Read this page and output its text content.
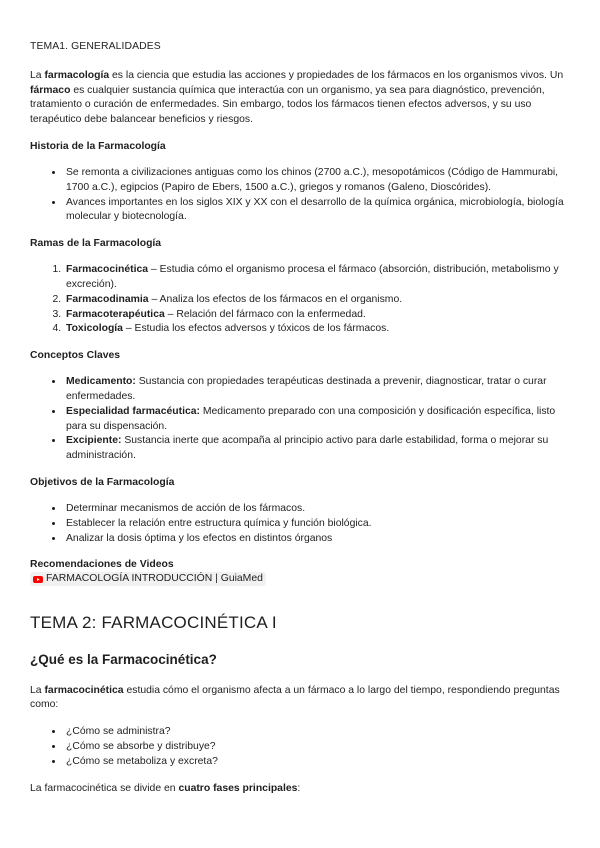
TEMA1. GENERALIDADES

La farmacología es la ciencia que estudia las acciones y propiedades de los fármacos en los organismos vivos. Un fármaco es cualquier sustancia química que interactúa con un organismo, ya sea para diagnóstico, prevención, tratamiento o curación de enfermedades. Sin embargo, todos los fármacos tienen efectos adversos, y su uso terapéutico debe balancear beneficios y riesgos.

Historia de la Farmacología
• Se remonta a civilizaciones antiguas como los chinos (2700 a.C.), mesopotámicos (Código de Hammurabi, 1700 a.C.), egipcios (Papiro de Ebers, 1500 a.C.), griegos y romanos (Galeno, Dioscórides).
• Avances importantes en los siglos XIX y XX con el desarrollo de la química orgánica, microbiología, biología molecular y biotecnología.
Ramas de la Farmacología
1. Farmacocinética – Estudia cómo el organismo procesa el fármaco (absorción, distribución, metabolismo y excreción).
2. Farmacodinamia – Analiza los efectos de los fármacos en el organismo.
3. Farmacoterapéutica – Relación del fármaco con la enfermedad.
4. Toxicología – Estudia los efectos adversos y tóxicos de los fármacos.
Conceptos Claves
• Medicamento: Sustancia con propiedades terapéuticas destinada a prevenir, diagnosticar, tratar o curar enfermedades.
• Especialidad farmacéutica: Medicamento preparado con una composición y dosificación específica, listo para su dispensación.
• Excipiente: Sustancia inerte que acompaña al principio activo para darle estabilidad, forma o mejorar su administración.
Objetivos de la Farmacología
• Determinar mecanismos de acción de los fármacos.
• Establecer la relación entre estructura química y función biológica.
• Analizar la dosis óptima y los efectos en distintos órganos
Recomendaciones de Videos
FARMACOLOGÍA INTRODUCCIÓN | GuiaMed
TEMA 2: FARMACOCINÉTICA I
¿Qué es la Farmacocinética?

La farmacocinética estudia cómo el organismo afecta a un fármaco a lo largo del tiempo, respondiendo preguntas como:

• ¿Cómo se administra?
• ¿Cómo se absorbe y distribuye?
• ¿Cómo se metaboliza y excreta?

La farmacocinética se divide en cuatro fases principales:
